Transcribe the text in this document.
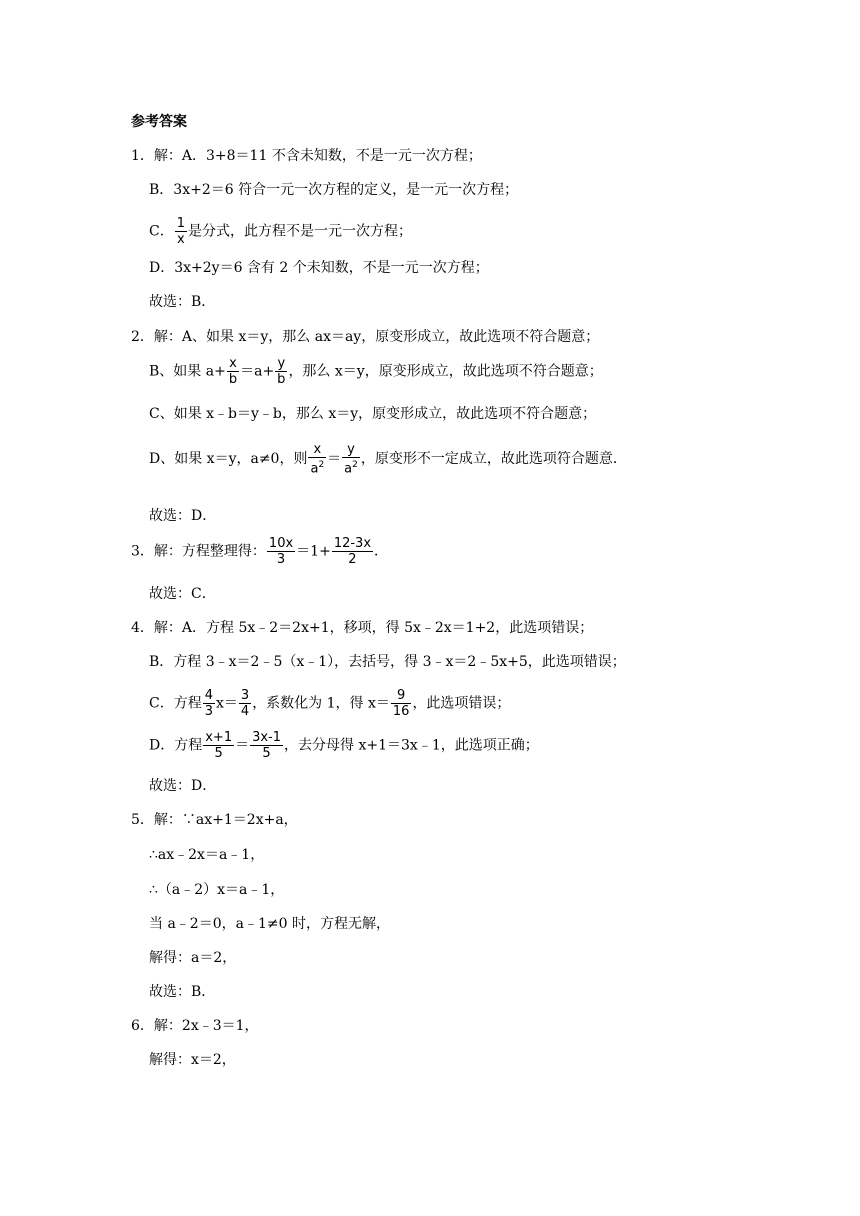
参考答案
1．解：A．3+8＝11 不含未知数，不是一元一次方程；
B．3x+2＝6 符合一元一次方程的定义，是一元一次方程；
C． $\frac{1}{x}$ 是分式，此方程不是一元一次方程；
D．3x+2y＝6 含有 2 个未知数，不是一元一次方程；
故选：B．
2．解：A、如果 x＝y，那么 ax＝ay，原变形成立，故此选项不符合题意；
B、如果 $a+ \frac{x}{b} =a+ \frac{y}{b}$ ，那么 x＝y，原变形成立，故此选项不符合题意；
C、如果 x﹣b＝y﹣b，那么 x＝y，原变形成立，故此选项不符合题意；
D、如果 x＝y，a≠0，则 $\frac{x}{a^2} = \frac{y}{a^2}$ ，原变形不一定成立，故此选项符合题意．
故选：D．
3．解：方程整理得： $\frac{10x}{3} =1+ \frac{12-3x}{2}$ ．
故选：C．
4．解：A．方程 5x﹣2＝2x+1，移项，得 5x﹣2x＝1+2，此选项错误；
B．方程 3﹣x＝2﹣5（x﹣1），去括号，得 3﹣x＝2﹣5x+5，此选项错误；
C．方程 $\frac{4}{3} x= \frac{3}{4}$ ，系数化为 1，得 $x= \frac{9}{16}$ ，此选项错误；
D．方程 $\frac{x+1}{5} = \frac{3x-1}{5}$ ，去分母得 x+1＝3x﹣1，此选项正确；
故选：D．
5．解：∵ax+1＝2x+a，
∴ax﹣2x＝a﹣1，
∴（a﹣2）x＝a﹣1，
当 a﹣2＝0，a﹣1≠0 时，方程无解，
解得：a＝2，
故选：B．
6．解：2x﹣3＝1，
解得：x＝2，
